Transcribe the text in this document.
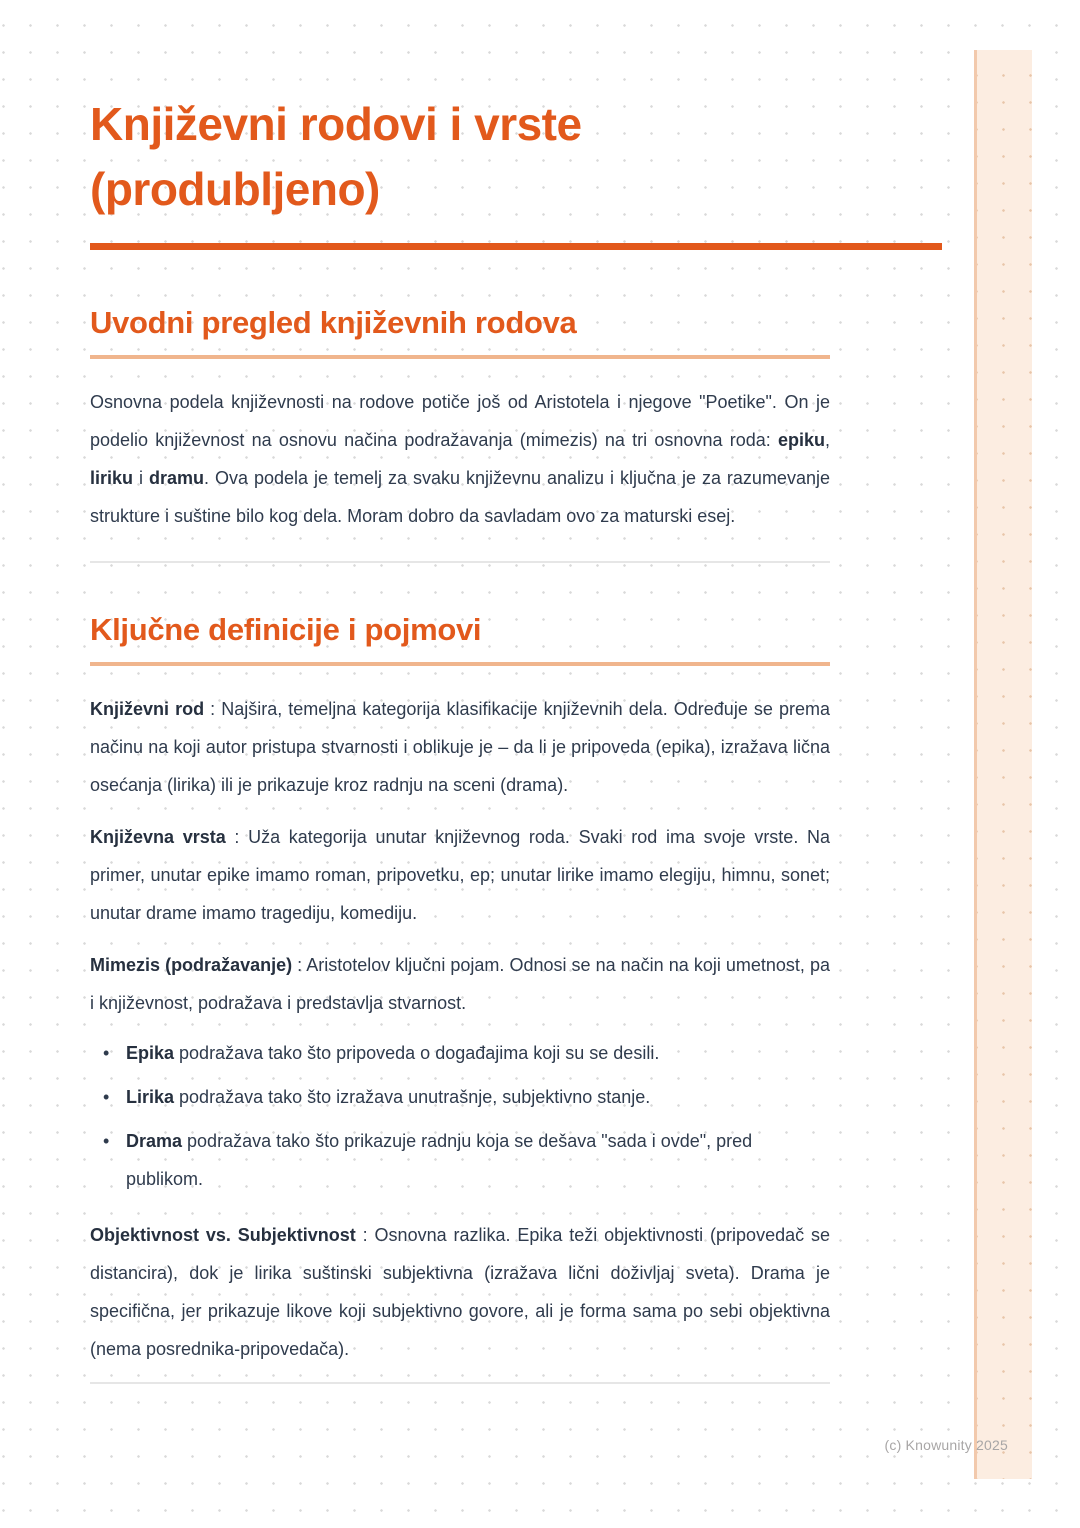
Književni rodovi i vrste (produbljeno)
Uvodni pregled književnih rodova

Osnovna podela književnosti na rodove potiče još od Aristotela i njegove "Poetike". On je podelio književnost na osnovu načina podražavanja (mimezis) na tri osnovna roda: epiku, liriku i dramu. Ova podela je temelj za svaku književnu analizu i ključna je za razumevanje strukture i suštine bilo kog dela. Moram dobro da savladam ovo za maturski esej.

Ključne definicije i pojmovi

Književni rod : Najšira, temeljna kategorija klasifikacije književnih dela. Određuje se prema načinu na koji autor pristupa stvarnosti i oblikuje je – da li je pripoveda (epika), izražava lična osećanja (lirika) ili je prikazuje kroz radnju na sceni (drama).

Književna vrsta : Uža kategorija unutar književnog roda. Svaki rod ima svoje vrste. Na primer, unutar epike imamo roman, pripovetku, ep; unutar lirike imamo elegiju, himnu, sonet; unutar drame imamo tragediju, komediju.

Mimezis (podražavanje) : Aristotelov ključni pojam. Odnosi se na način na koji umetnost, pa i književnost, podražava i predstavlja stvarnost.

• Epika podražava tako što pripoveda o događajima koji su se desili.
• Lirika podražava tako što izražava unutrašnje, subjektivno stanje.
• Drama podražava tako što prikazuje radnju koja se dešava "sada i ovde", pred publikom.

Objektivnost vs. Subjektivnost : Osnovna razlika. Epika teži objektivnosti (pripovedač se distancira), dok je lirika suštinski subjektivna (izražava lični doživljaj sveta). Drama je specifična, jer prikazuje likove koji subjektivno govore, ali je forma sama po sebi objektivna (nema posrednika-pripovedača).

(c) Knowunity 2025
